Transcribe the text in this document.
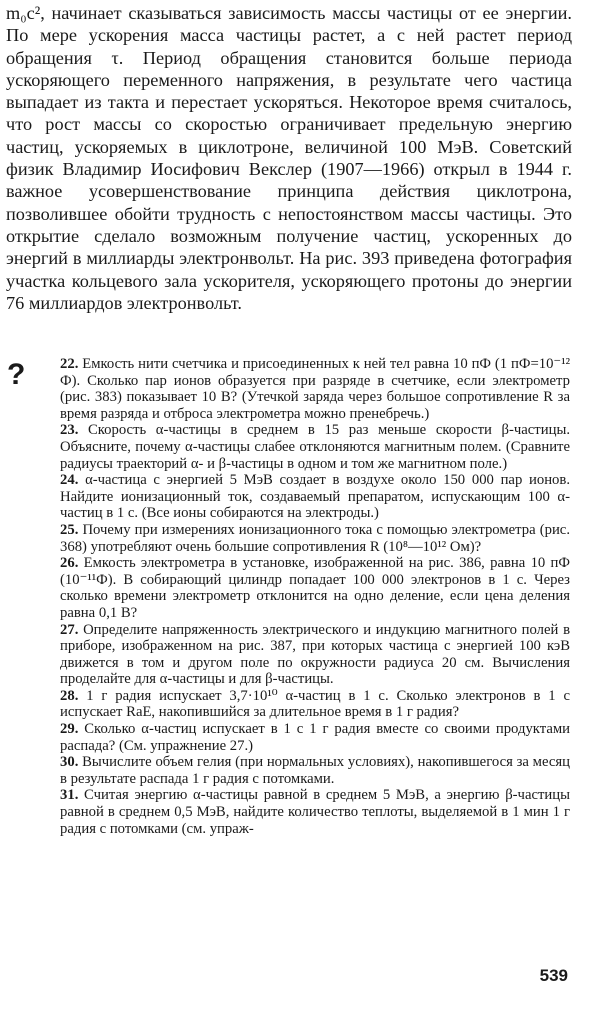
m₀c², начинает сказываться зависимость массы частицы от ее энергии. По мере ускорения масса частицы растет, а с ней растет период обращения τ. Период обращения становится больше периода ускоряющего переменного напряжения, в результате чего частица выпадает из такта и перестает ускоряться. Некоторое время считалось, что рост массы со скоростью ограничивает предельную энергию частиц, ускоряемых в циклотроне, величиной 100 МэВ. Советский физик Владимир Иосифович Векслер (1907—1966) открыл в 1944 г. важное усовершенствование принципа действия циклотрона, позволившее обойти трудность с непостоянством массы частицы. Это открытие сделало возможным получение частиц, ускоренных до энергий в миллиарды электронвольт. На рис. 393 приведена фотография участка кольцевого зала ускорителя, ускоряющего протоны до энергии 76 миллиардов электронвольт.

? 22. Емкость нити счетчика и присоединенных к ней тел равна 10 пФ (1 пФ=10⁻¹² Ф). Сколько пар ионов образуется при разряде в счетчике, если электрометр (рис. 383) показывает 10 В? (Утечкой заряда через большое сопротивление R за время разряда и отброса электрометра можно пренебречь.)

23. Скорость α-частицы в среднем в 15 раз меньше скорости β-частицы. Объясните, почему α-частицы слабее отклоняются магнитным полем. (Сравните радиусы траекторий α- и β-частицы в одном и том же магнитном поле.)

24. α-частица с энергией 5 МэВ создает в воздухе около 150 000 пар ионов. Найдите ионизационный ток, создаваемый препаратом, испускающим 100 α-частиц в 1 с. (Все ионы собираются на электроды.)

25. Почему при измерениях ионизационного тока с помощью электрометра (рис. 368) употребляют очень большие сопротивления R (10⁸—10¹² Ом)?

26. Емкость электрометра в установке, изображенной на рис. 386, равна 10 пФ (10⁻¹¹Ф). В собирающий цилиндр попадает 100 000 электронов в 1 с. Через сколько времени электрометр отклонится на одно деление, если цена деления равна 0,1 В?

27. Определите напряженность электрического и индукцию магнитного полей в приборе, изображенном на рис. 387, при которых частица с энергией 100 кэВ движется в том и другом поле по окружности радиуса 20 см. Вычисления проделайте для α-частицы и для β-частицы.

28. 1 г радия испускает 3,7·10¹⁰ α-частиц в 1 с. Сколько электронов в 1 с испускает RaE, накопившийся за длительное время в 1 г радия?

29. Сколько α-частиц испускает в 1 с 1 г радия вместе со своими продуктами распада? (См. упражнение 27.)

30. Вычислите объем гелия (при нормальных условиях), накопившегося за месяц в результате распада 1 г радия с потомками.

31. Считая энергию α-частицы равной в среднем 5 МэВ, а энергию β-частицы равной в среднем 0,5 МэВ, найдите количество теплоты, выделяемой в 1 мин 1 г радия с потомками (см. упраж-

539
